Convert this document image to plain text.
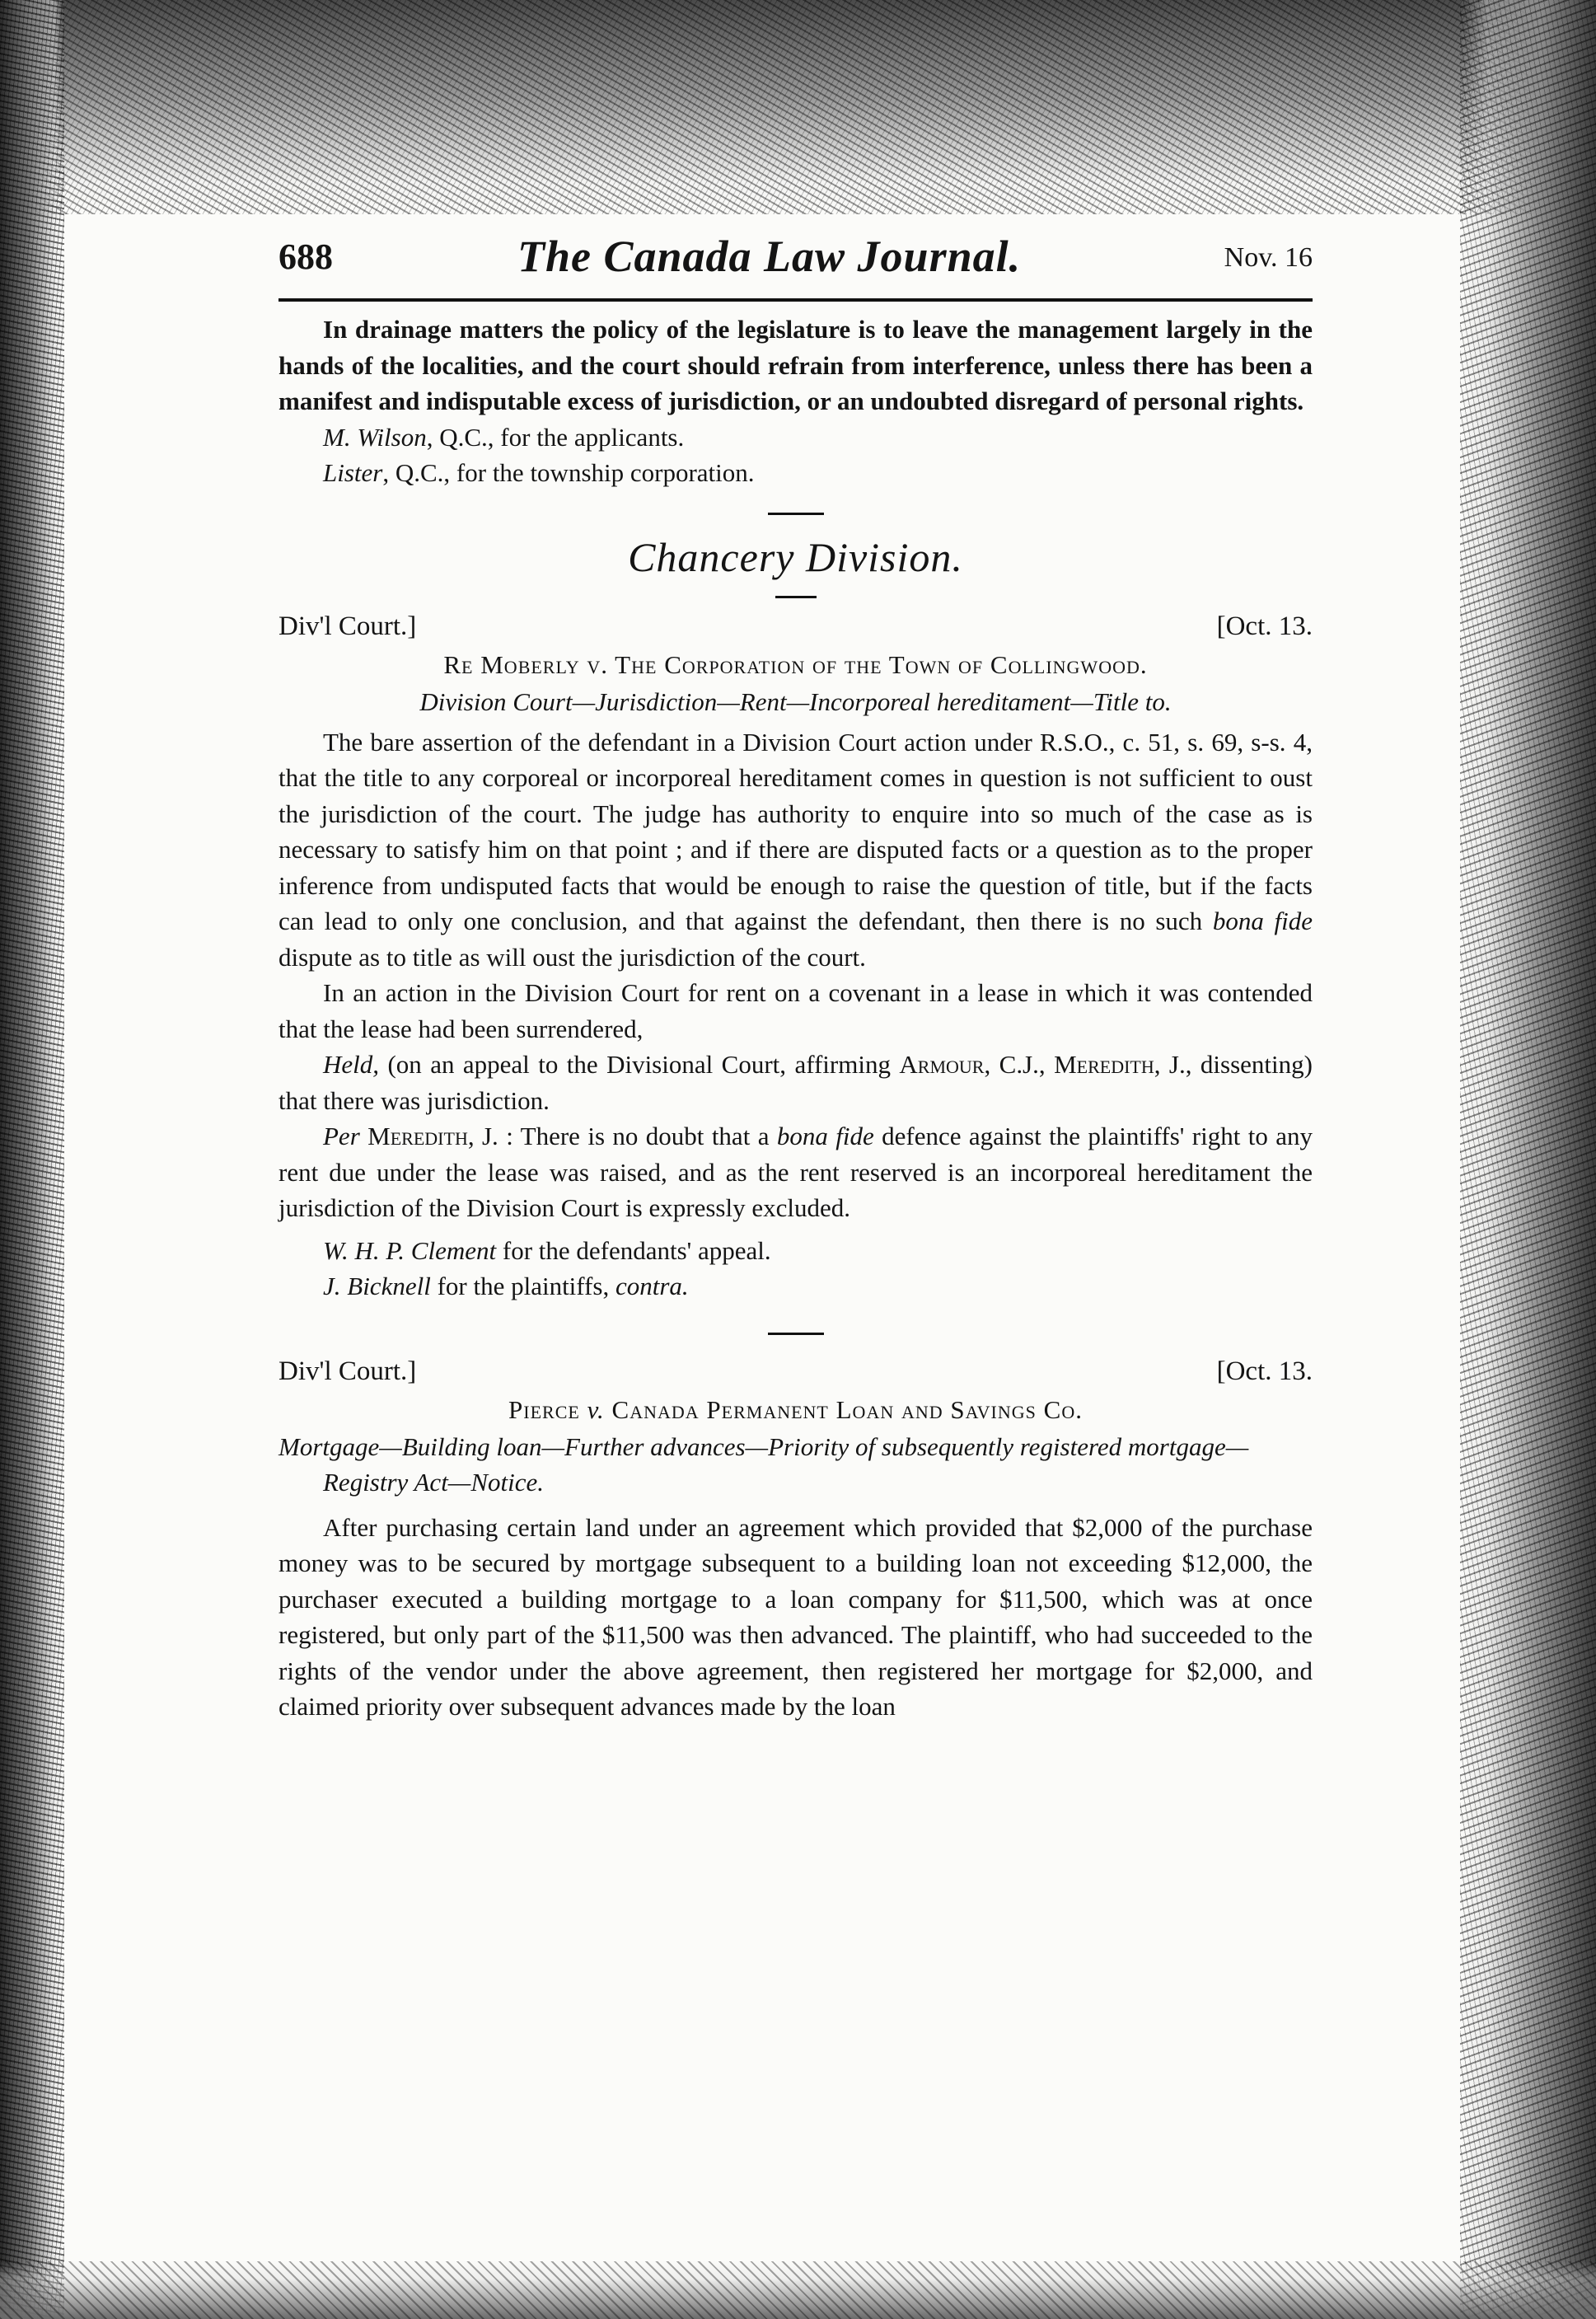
688	The Canada Law Journal.	Nov. 16

In drainage matters the policy of the legislature is to leave the management largely in the hands of the localities, and the court should refrain from interference, unless there has been a manifest and indisputable excess of jurisdiction, or an undoubted disregard of personal rights.

M. Wilson, Q.C., for the applicants.
Lister, Q.C., for the township corporation.
Chancery Division.
Div'l Court.]	[Oct. 13.
Re Moberly v. The Corporation of the Town of Collingwood.
Division Court—Jurisdiction—Rent—Incorporeal hereditament—Title to.

The bare assertion of the defendant in a Division Court action under R.S.O., c. 51, s. 69, s-s. 4, that the title to any corporeal or incorporeal hereditament comes in question is not sufficient to oust the jurisdiction of the court. The judge has authority to enquire into so much of the case as is necessary to satisfy him on that point ; and if there are disputed facts or a question as to the proper inference from undisputed facts that would be enough to raise the question of title, but if the facts can lead to only one conclusion, and that against the defendant, then there is no such bona fide dispute as to title as will oust the jurisdiction of the court.

In an action in the Division Court for rent on a covenant in a lease in which it was contended that the lease had been surrendered,

Held, (on an appeal to the Divisional Court, affirming Armour, C.J., Meredith, J., dissenting) that there was jurisdiction.

Per Meredith, J. : There is no doubt that a bona fide defence against the plaintiffs' right to any rent due under the lease was raised, and as the rent reserved is an incorporeal hereditament the jurisdiction of the Division Court is expressly excluded.

W. H. P. Clement for the defendants' appeal.
J. Bicknell for the plaintiffs, contra.
Div'l Court.]	[Oct. 13.
Pierce v. Canada Permanent Loan and Savings Co.
Mortgage—Building loan—Further advances—Priority of subsequently registered mortgage—Registry Act—Notice.

After purchasing certain land under an agreement which provided that $2,000 of the purchase money was to be secured by mortgage subsequent to a building loan not exceeding $12,000, the purchaser executed a building mortgage to a loan company for $11,500, which was at once registered, but only part of the $11,500 was then advanced. The plaintiff, who had succeeded to the rights of the vendor under the above agreement, then registered her mortgage for $2,000, and claimed priority over subsequent advances made by the loan
